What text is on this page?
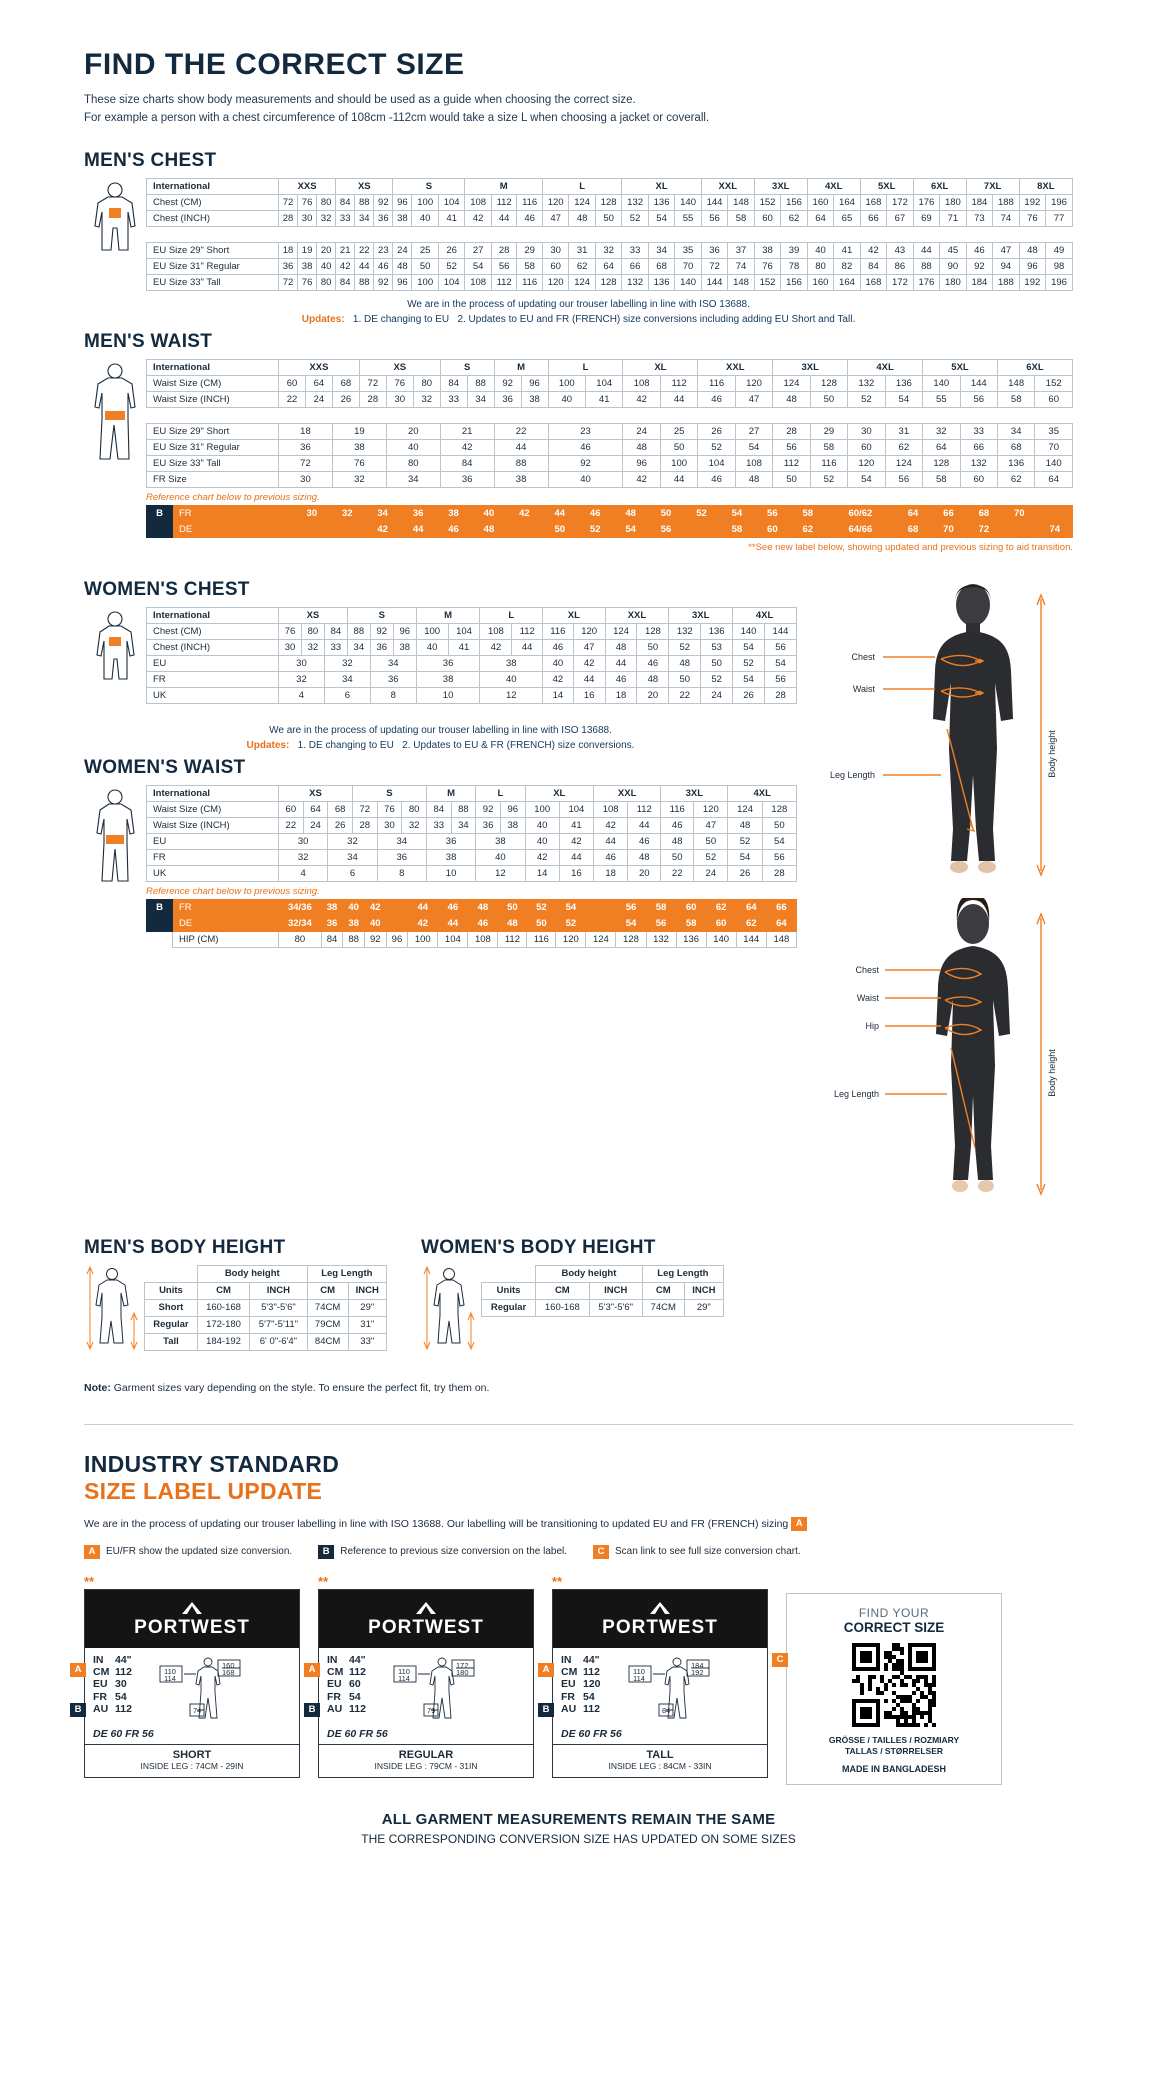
FIND THE CORRECT SIZE
These size charts show body measurements and should be used as a guide when choosing the correct size.
For example a person with a chest circumference of 108cm -112cm would take a size L when choosing a jacket or coverall.
MEN'S CHEST
International	XXS			XS			S			M			L			XL			XXL		3XL		4XL		5XL		6XL		7XL		8XL	
Chest (CM)	72	76	80	84	88	92	96	100	104	108	112	116	120	124	128	132	136	140	144	148	152	156	160	164	168	172	176	180	184	188	192	196
Chest (INCH)	28	30	32	33	34	36	38	40	41	42	44	46	47	48	50	52	54	55	56	58	60	62	64	65	66	67	69	71	73	74	76	77

EU Size 29" Short	18	19	20	21	22	23	24	25	26	27	28	29	30	31	32	33	34	35	36	37	38	39	40	41	42	43	44	45	46	47	48	49
EU Size 31" Regular	36	38	40	42	44	46	48	50	52	54	56	58	60	62	64	66	68	70	72	74	76	78	80	82	84	86	88	90	92	94	96	98
EU Size 33" Tall	72	76	80	84	88	92	96	100	104	108	112	116	120	124	128	132	136	140	144	148	152	156	160	164	168	172	176	180	184	188	192	196
We are in the process of updating our trouser labelling in line with ISO 13688.
Updates: 1. DE changing to EU 2. Updates to EU and FR (FRENCH) size conversions including adding EU Short and Tall.
MEN'S WAIST
International	XXS			XS			S		M		L		XL		XXL		3XL		4XL		5XL		6XL	
Waist Size (CM)	60	64	68	72	76	80	84	88	92	96	100	104	108	112	116	120	124	128	132	136	140	144	148	152
Waist Size (INCH)	22	24	26	28	30	32	33	34	36	38	40	41	42	44	46	47	48	50	52	54	55	56	58	60

EU Size 29" Short	18		19		20		21		22		23		24	25	26	27	28	29	30	31	32	33	34	35
EU Size 31" Regular	36		38		40		42		44		46		48	50	52	54	56	58	60	62	64	66	68	70
EU Size 33" Tall	72		76		80		84		88		92		96	100	104	108	112	116	120	124	128	132	136	140
FR Size	30		32		34		36		38		40		42	44	46	48	50	52	54	56	58	60	62	64
Reference chart below to previous sizing.
B	FR			30	32	34	36	38	40	42	44	46	48	50	52	54	56	58	60/62	64	66	68	70	
	DE					42	44	46	48		50	52	54	56		58	60	62	64/66	68	70	72		74
**See new label below, showing updated and previous sizing to aid transition.
WOMEN'S CHEST
International	XS			S			M		L		XL		XXL		3XL		4XL	
Chest (CM)	76	80	84	88	92	96	100	104	108	112	116	120	124	128	132	136	140	144
Chest (INCH)	30	32	33	34	36	38	40	41	42	44	46	47	48	50	52	53	54	56
EU	30		32		34		36		38		40	42	44	46	48	50	52	54
FR	32		34		36		38		40		42	44	46	48	50	52	54	56
UK	4		6		8		10		12		14	16	18	20	22	24	26	28
We are in the process of updating our trouser labelling in line with ISO 13688.
Updates: 1. DE changing to EU 2. Updates to EU & FR (FRENCH) size conversions.
WOMEN'S WAIST
International	XS			S			M		L		XL		XXL		3XL		4XL	
Waist Size (CM)	60	64	68	72	76	80	84	88	92	96	100	104	108	112	116	120	124	128
Waist Size (INCH)	22	24	26	28	30	32	33	34	36	38	40	41	42	44	46	47	48	50
EU	30		32		34		36		38		40	42	44	46	48	50	52	54
FR	32		34		36		38		40		42	44	46	48	50	52	54	56
UK	4		6		8		10		12		14	16	18	20	22	24	26	28
Reference chart below to previous sizing.
B	FR	34/36	38	40	42		44	46	48	50	52	54		56	58	60	62	64	66
	DE	32/34	36	38	40		42	44	46	48	50	52		54	56	58	60	62	64
	HIP (CM)	80	84	88	92	96	100	104	108	112	116	120	124	128	132	136	140	144	148
Chest
Waist
Leg Length	Body height
Chest
Waist
Hip
Leg Length	Body height
MEN'S BODY HEIGHT
	Body height		Leg Length	
Units	CM	INCH	CM	INCH
Short	160-168	5'3"-5'6"	74CM	29"
Regular	172-180	5'7"-5'11"	79CM	31"
Tall	184-192	6' 0"-6'4"	84CM	33"
WOMEN'S BODY HEIGHT
	Body height		Leg Length	
Units	CM	INCH	CM	INCH
Regular	160-168	5'3"-5'6"	74CM	29"
Note: Garment sizes vary depending on the style. To ensure the perfect fit, try them on.
INDUSTRY STANDARD
SIZE LABEL UPDATE
We are in the process of updating our trouser labelling in line with ISO 13688. Our labelling will be transitioning to updated EU and FR (FRENCH) sizing A
A	EU/FR show the updated size conversion.	B	Reference to previous size conversion on the label.	C	Scan link to see full size conversion chart.
**
PORTWEST
IN 44"
CM 112
EU 30
FR 54
AU 112
110
114
160
168
74
DE 60 FR 56
SHORT
INSIDE LEG : 74CM - 29IN
A
B
**
PORTWEST
IN 44"
CM 112
EU 60
FR 54
AU 112
110
114
172
180
79
DE 60 FR 56
REGULAR
INSIDE LEG : 79CM - 31IN
A
B
**
PORTWEST
IN 44"
CM 112
EU 120
FR 54
AU 112
110
114
184
192
84
DE 60 FR 56
TALL
INSIDE LEG : 84CM - 33IN
A
B
C
FIND YOUR
CORRECT SIZE
GRÖSSE / TAILLES / ROZMIARY
TALLAS / STØRRELSER
MADE IN BANGLADESH
ALL GARMENT MEASUREMENTS REMAIN THE SAME
THE CORRESPONDING CONVERSION SIZE HAS UPDATED ON SOME SIZES
